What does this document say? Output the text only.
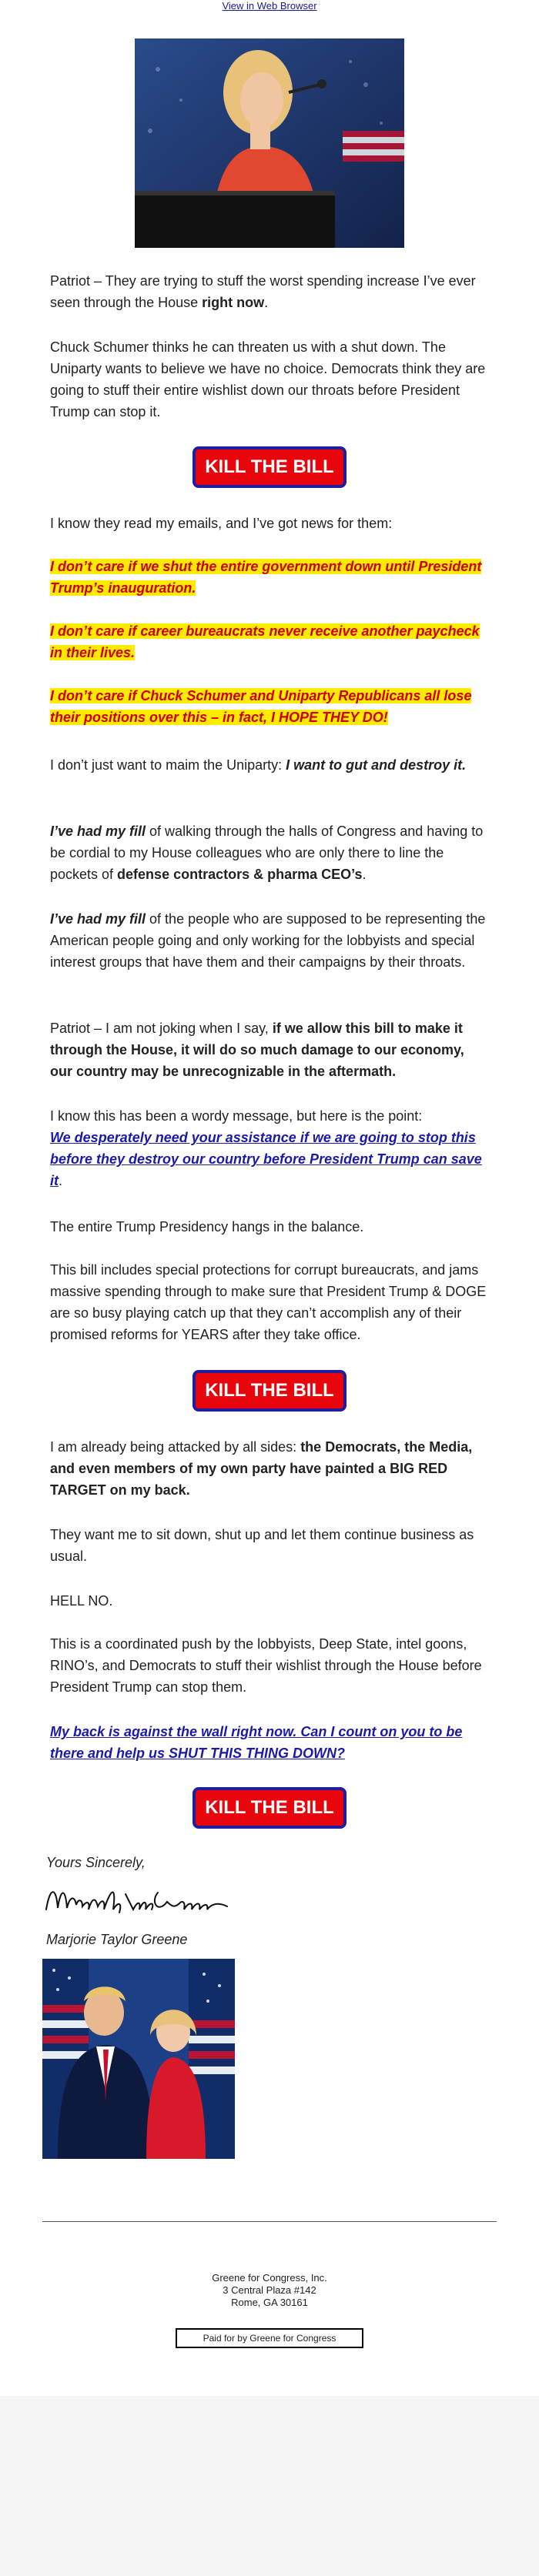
View in Web Browser

Patriot – They are trying to stuff the worst spending increase I’ve ever seen through the House right now.

Chuck Schumer thinks he can threaten us with a shut down. The Uniparty wants to believe we have no choice. Democrats think they are going to stuff their entire wishlist down our throats before President Trump can stop it.

KILL THE BILL

I know they read my emails, and I’ve got news for them:

I don’t care if we shut the entire government down until President Trump’s inauguration.

I don’t care if career bureaucrats never receive another paycheck in their lives.

I don’t care if Chuck Schumer and Uniparty Republicans all lose their positions over this – in fact, I HOPE THEY DO!

I don’t just want to maim the Uniparty: I want to gut and destroy it.

I’ve had my fill of walking through the halls of Congress and having to be cordial to my House colleagues who are only there to line the pockets of defense contractors & pharma CEO’s.

I’ve had my fill of the people who are supposed to be representing the American people going and only working for the lobbyists and special interest groups that have them and their campaigns by their throats.

Patriot – I am not joking when I say, if we allow this bill to make it through the House, it will do so much damage to our economy, our country may be unrecognizable in the aftermath.

I know this has been a wordy message, but here is the point:
We desperately need your assistance if we are going to stop this before they destroy our country before President Trump can save it.

The entire Trump Presidency hangs in the balance.

This bill includes special protections for corrupt bureaucrats, and jams massive spending through to make sure that President Trump & DOGE are so busy playing catch up that they can’t accomplish any of their promised reforms for YEARS after they take office.

KILL THE BILL

I am already being attacked by all sides: the Democrats, the Media, and even members of my own party have painted a BIG RED TARGET on my back.

They want me to sit down, shut up and let them continue business as usual.

HELL NO.

This is a coordinated push by the lobbyists, Deep State, intel goons, RINO’s, and Democrats to stuff their wishlist through the House before President Trump can stop them.

My back is against the wall right now. Can I count on you to be there and help us SHUT THIS THING DOWN?

KILL THE BILL
Yours Sincerely,
Marjorie Taylor Greene
Greene for Congress, Inc.
3 Central Plaza #142
Rome, GA 30161
Paid for by Greene for Congress
